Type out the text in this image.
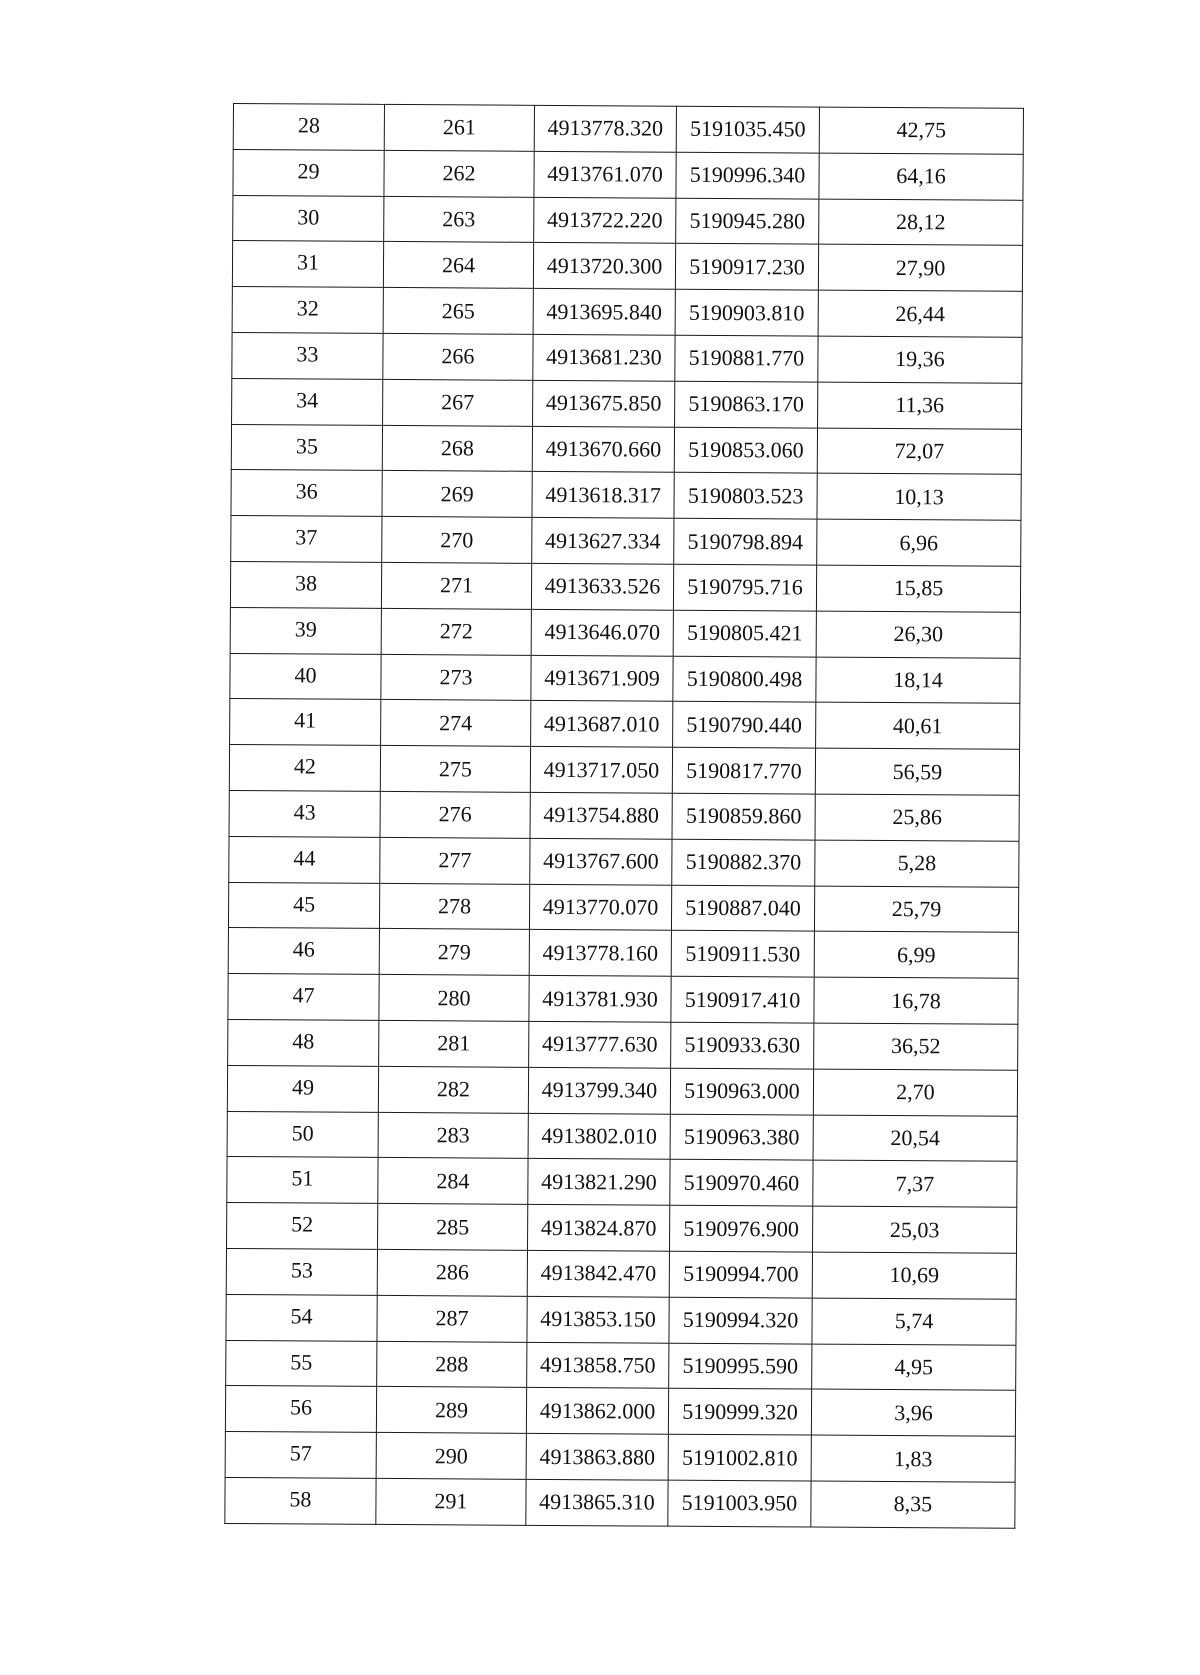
28	261	4913778.320	5191035.450	42,75
29	262	4913761.070	5190996.340	64,16
30	263	4913722.220	5190945.280	28,12
31	264	4913720.300	5190917.230	27,90
32	265	4913695.840	5190903.810	26,44
33	266	4913681.230	5190881.770	19,36
34	267	4913675.850	5190863.170	11,36
35	268	4913670.660	5190853.060	72,07
36	269	4913618.317	5190803.523	10,13
37	270	4913627.334	5190798.894	6,96
38	271	4913633.526	5190795.716	15,85
39	272	4913646.070	5190805.421	26,30
40	273	4913671.909	5190800.498	18,14
41	274	4913687.010	5190790.440	40,61
42	275	4913717.050	5190817.770	56,59
43	276	4913754.880	5190859.860	25,86
44	277	4913767.600	5190882.370	5,28
45	278	4913770.070	5190887.040	25,79
46	279	4913778.160	5190911.530	6,99
47	280	4913781.930	5190917.410	16,78
48	281	4913777.630	5190933.630	36,52
49	282	4913799.340	5190963.000	2,70
50	283	4913802.010	5190963.380	20,54
51	284	4913821.290	5190970.460	7,37
52	285	4913824.870	5190976.900	25,03
53	286	4913842.470	5190994.700	10,69
54	287	4913853.150	5190994.320	5,74
55	288	4913858.750	5190995.590	4,95
56	289	4913862.000	5190999.320	3,96
57	290	4913863.880	5191002.810	1,83
58	291	4913865.310	5191003.950	8,35
